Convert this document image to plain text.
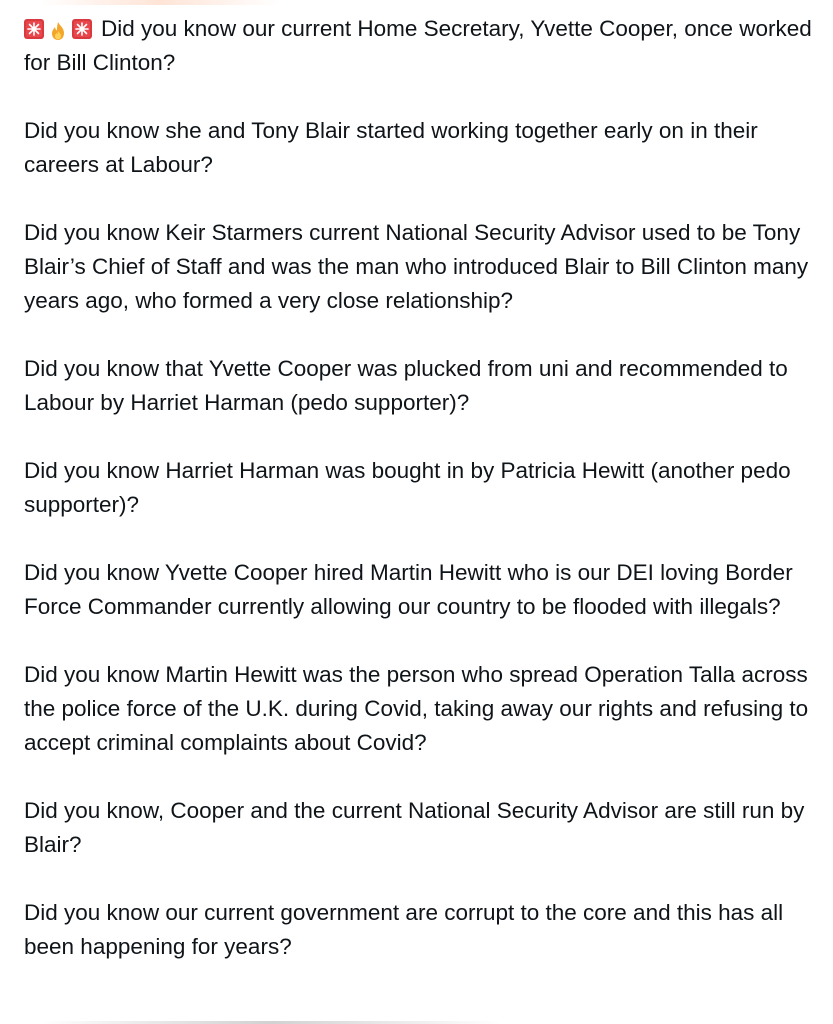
Did you know our current Home Secretary, Yvette Cooper, once worked for Bill Clinton?

Did you know she and Tony Blair started working together early on in their careers at Labour?

Did you know Keir Starmers current National Security Advisor used to be Tony Blair’s Chief of Staff and was the man who introduced Blair to Bill Clinton many years ago, who formed a very close relationship?

Did you know that Yvette Cooper was plucked from uni and recommended to Labour by Harriet Harman (pedo supporter)?

Did you know Harriet Harman was bought in by Patricia Hewitt (another pedo supporter)?

Did you know Yvette Cooper hired Martin Hewitt who is our DEI loving Border Force Commander currently allowing our country to be flooded with illegals?

Did you know Martin Hewitt was the person who spread Operation Talla across the police force of the U.K. during Covid, taking away our rights and refusing to accept criminal complaints about Covid?

Did you know, Cooper and the current National Security Advisor are still run by Blair?

Did you know our current government are corrupt to the core and this has all been happening for years?
